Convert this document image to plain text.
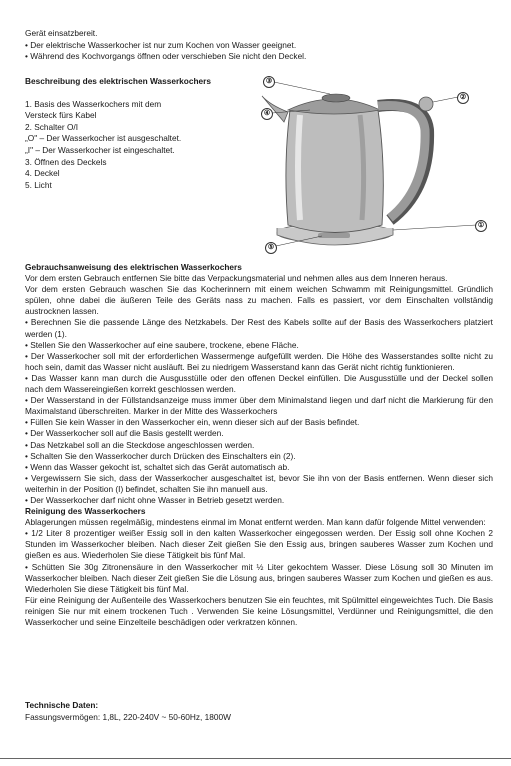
Gerät einsatzbereit.
• Der elektrische Wasserkocher ist nur zum Kochen von Wasser geeignet.
• Während des Kochvorgangs öffnen oder verschieben Sie nicht den Deckel.
Beschreibung des elektrischen Wasserkochers
1. Basis des Wasserkochers mit dem
Versteck fürs Kabel
2. Schalter O/I
„O" – Der Wasserkocher ist ausgeschaltet.
„I" – Der Wasserkocher ist eingeschaltet.
3. Öffnen des Deckels
4. Deckel
5. Licht
③
②
④
①
⑤
Gebrauchsanweisung des elektrischen Wasserkochers

Vor dem ersten Gebrauch entfernen Sie bitte das Verpackungsmaterial und nehmen alles aus dem Inneren heraus.

Vor dem ersten Gebrauch waschen Sie das Kocherinnern mit einem weichen Schwamm mit Reinigungsmittel. Gründlich spülen, ohne dabei die äußeren Teile des Geräts nass zu machen. Falls es passiert, vor dem Einschalten vollständig austrocknen lassen.

• Berechnen Sie die passende Länge des Netzkabels. Der Rest des Kabels sollte auf der Basis des Wasserkochers platziert werden (1).

• Stellen Sie den Wasserkocher auf eine saubere, trockene, ebene Fläche.

• Der Wasserkocher soll mit der erforderlichen Wassermenge aufgefüllt werden. Die Höhe des Wasserstandes sollte nicht zu hoch sein, damit das Wasser nicht ausläuft. Bei zu niedrigem Wasserstand kann das Gerät nicht richtig funktionieren.

• Das Wasser kann man durch die Ausgusstülle oder den offenen Deckel einfüllen. Die Ausgusstülle und der Deckel sollen nach dem Wassereingießen korrekt geschlossen werden.

• Der Wasserstand in der Füllstandsanzeige muss immer über dem Minimalstand liegen und darf nicht die Markierung für den Maximalstand überschreiten. Marker in der Mitte des Wasserkochers

• Füllen Sie kein Wasser in den Wasserkocher ein, wenn dieser sich auf der Basis befindet.

• Der Wasserkocher soll auf die Basis gestellt werden.

• Das Netzkabel soll an die Steckdose angeschlossen werden.

• Schalten Sie den Wasserkocher durch Drücken des Einschalters ein (2).

• Wenn das Wasser gekocht ist, schaltet sich das Gerät automatisch ab.

• Vergewissern Sie sich, dass der Wasserkocher ausgeschaltet ist, bevor Sie ihn von der Basis entfernen. Wenn dieser sich weiterhin in der Position (I) befindet, schalten Sie ihn manuell aus.

• Der Wasserkocher darf nicht ohne Wasser in Betrieb gesetzt werden.

Reinigung des Wasserkochers

Ablagerungen müssen regelmäßig, mindestens einmal im Monat entfernt werden. Man kann dafür folgende Mittel verwenden:

• 1/2 Liter 8 prozentiger weißer Essig soll in den kalten Wasserkocher eingegossen werden. Der Essig soll ohne Kochen 2 Stunden im Wasserkocher bleiben. Nach dieser Zeit gießen Sie den Essig aus, bringen sauberes Wasser zum Kochen und gießen es aus. Wiederholen Sie diese Tätigkeit bis fünf Mal.

• Schütten Sie 30g Zitronensäure in den Wasserkocher mit ½ Liter gekochtem Wasser. Diese Lösung soll 30 Minuten im Wasserkocher bleiben. Nach dieser Zeit gießen Sie die Lösung aus, bringen sauberes Wasser zum Kochen und gießen es aus. Wiederholen Sie diese Tätigkeit bis fünf Mal.

Für eine Reinigung der Außenteile des Wasserkochers benutzen Sie ein feuchtes, mit Spülmittel eingeweichtes Tuch. Die Basis reinigen Sie nur mit einem trockenen Tuch . Verwenden Sie keine Lösungsmittel, Verdünner und Reinigungsmittel, die den Wasserkocher und seine Einzelteile beschädigen oder verkratzen können.

Technische Daten:
Fassungsvermögen: 1,8L, 220-240V ~ 50-60Hz, 1800W
